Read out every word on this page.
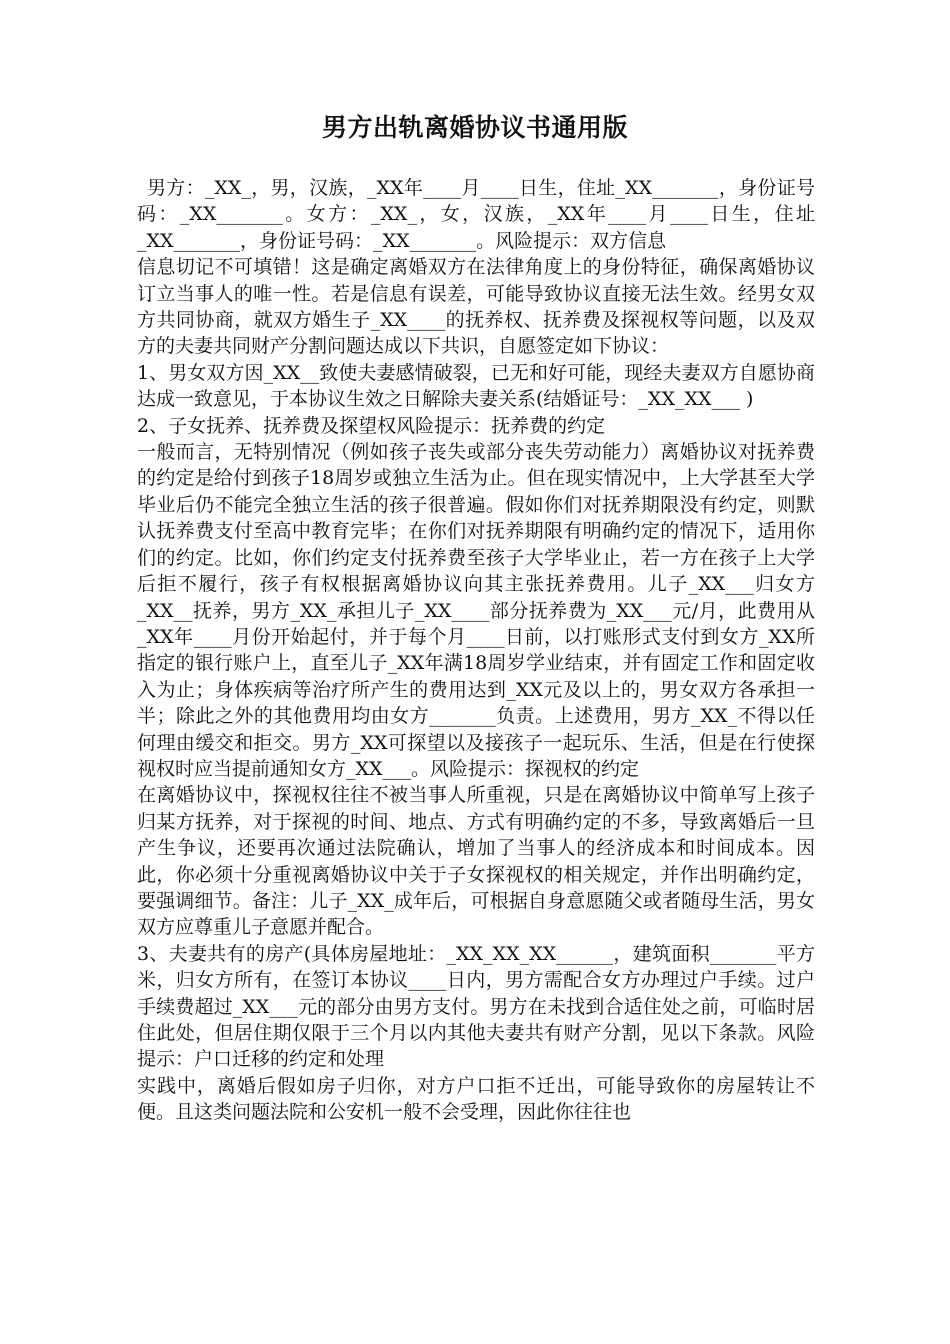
男方出轨离婚协议书通用版

男方：_XX_，男，汉族，_XX年____月____日生，住址_XX_______，身份证号码：_XX_______。女方：_XX_，女，汉族，_XX年____月____日生，住址_XX_______，身份证号码：_XX_______。风险提示：双方信息

信息切记不可填错！这是确定离婚双方在法律角度上的身份特征，确保离婚协议订立当事人的唯一性。若是信息有误差，可能导致协议直接无法生效。经男女双方共同协商，就双方婚生子_XX____的抚养权、抚养费及探视权等问题，以及双方的夫妻共同财产分割问题达成以下共识，自愿签定如下协议：

1、男女双方因_XX__致使夫妻感情破裂，已无和好可能，现经夫妻双方自愿协商达成一致意见，于本协议生效之日解除夫妻关系(结婚证号：_XX_XX___ )

2、子女抚养、抚养费及探望权风险提示：抚养费的约定

一般而言，无特别情况（例如孩子丧失或部分丧失劳动能力）离婚协议对抚养费的约定是给付到孩子18周岁或独立生活为止。但在现实情况中，上大学甚至大学毕业后仍不能完全独立生活的孩子很普遍。假如你们对抚养期限没有约定，则默认抚养费支付至高中教育完毕；在你们对抚养期限有明确约定的情况下，适用你们的约定。比如，你们约定支付抚养费至孩子大学毕业止，若一方在孩子上大学后拒不履行，孩子有权根据离婚协议向其主张抚养费用。儿子_XX___归女方_XX__抚养，男方_XX_承担儿子_XX____部分抚养费为_XX___元/月，此费用从_XX年____月份开始起付，并于每个月____日前，以打账形式支付到女方_XX所指定的银行账户上，直至儿子_XX年满18周岁学业结束，并有固定工作和固定收入为止；身体疾病等治疗所产生的费用达到_XX元及以上的，男女双方各承担一半；除此之外的其他费用均由女方_______负责。上述费用，男方_XX_不得以任何理由缓交和拒交。男方_XX可探望以及接孩子一起玩乐、生活，但是在行使探视权时应当提前通知女方_XX___。风险提示：探视权的约定

在离婚协议中，探视权往往不被当事人所重视，只是在离婚协议中简单写上孩子归某方抚养，对于探视的时间、地点、方式有明确约定的不多，导致离婚后一旦产生争议，还要再次通过法院确认，增加了当事人的经济成本和时间成本。因此，你必须十分重视离婚协议中关于子女探视权的相关规定，并作出明确约定，要强调细节。备注：儿子_XX_成年后，可根据自身意愿随父或者随母生活，男女双方应尊重儿子意愿并配合。

3、夫妻共有的房产(具体房屋地址：_XX_XX_XX______，建筑面积_______平方米，归女方所有，在签订本协议____日内，男方需配合女方办理过户手续。过户手续费超过_XX___元的部分由男方支付。男方在未找到合适住处之前，可临时居住此处，但居住期仅限于三个月以内其他夫妻共有财产分割，见以下条款。风险提示：户口迁移的约定和处理

实践中，离婚后假如房子归你，对方户口拒不迁出，可能导致你的房屋转让不便。且这类问题法院和公安机一般不会受理，因此你往往也
